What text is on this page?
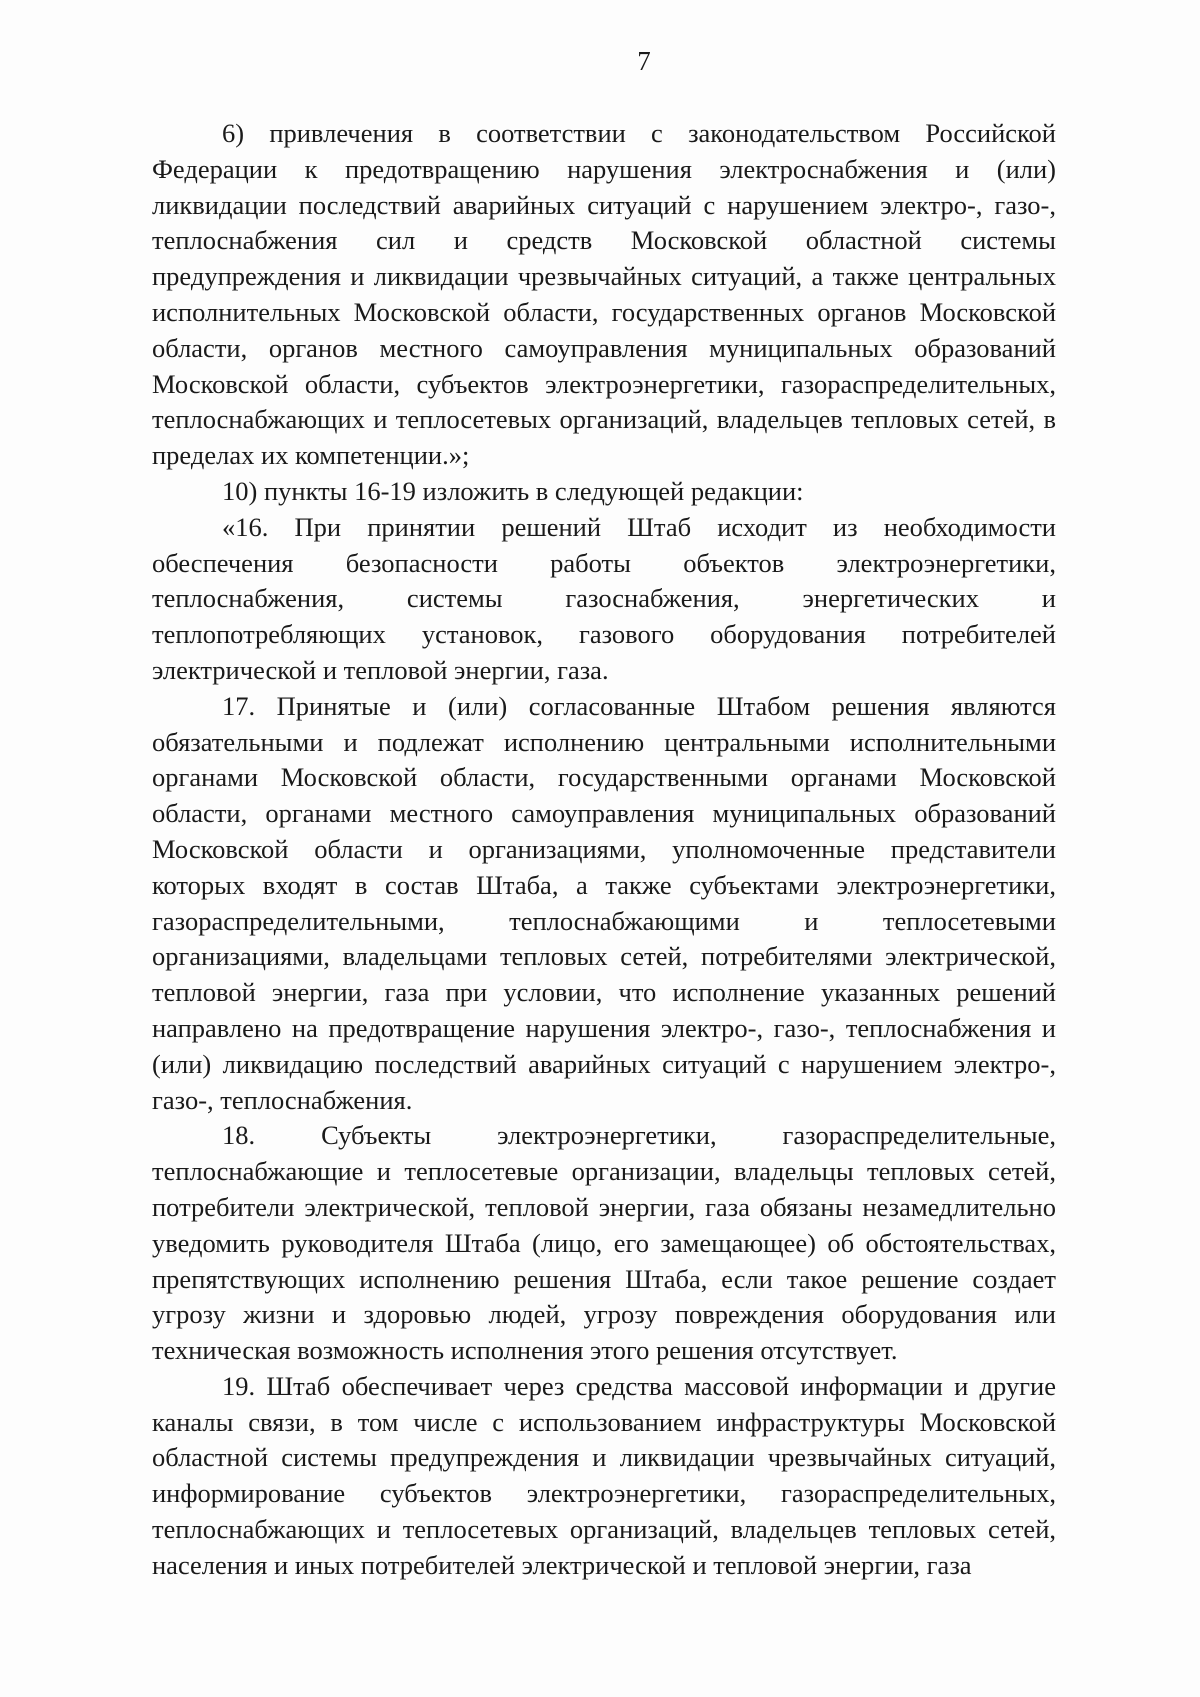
7

6) привлечения в соответствии с законодательством Российской Федерации к предотвращению нарушения электроснабжения и (или) ликвидации последствий аварийных ситуаций с нарушением электро-, газо-, теплоснабжения сил и средств Московской областной системы предупреждения и ликвидации чрезвычайных ситуаций, а также центральных исполнительных Московской области, государственных органов Московской области, органов местного самоуправления муниципальных образований Московской области, субъектов электроэнергетики, газораспределительных, теплоснабжающих и теплосетевых организаций, владельцев тепловых сетей, в пределах их компетенции.»;

10) пункты 16-19 изложить в следующей редакции:

«16. При принятии решений Штаб исходит из необходимости обеспечения безопасности работы объектов электроэнергетики, теплоснабжения, системы газоснабжения, энергетических и теплопотребляющих установок, газового оборудования потребителей электрической и тепловой энергии, газа.

17. Принятые и (или) согласованные Штабом решения являются обязательными и подлежат исполнению центральными исполнительными органами Московской области, государственными органами Московской области, органами местного самоуправления муниципальных образований Московской области и организациями, уполномоченные представители которых входят в состав Штаба, а также субъектами электроэнергетики, газораспределительными, теплоснабжающими и теплосетевыми организациями, владельцами тепловых сетей, потребителями электрической, тепловой энергии, газа при условии, что исполнение указанных решений направлено на предотвращение нарушения электро-, газо-, теплоснабжения и (или) ликвидацию последствий аварийных ситуаций с нарушением электро-, газо-, теплоснабжения.

18. Субъекты электроэнергетики, газораспределительные, теплоснабжающие и теплосетевые организации, владельцы тепловых сетей, потребители электрической, тепловой энергии, газа обязаны незамедлительно уведомить руководителя Штаба (лицо, его замещающее) об обстоятельствах, препятствующих исполнению решения Штаба, если такое решение создает угрозу жизни и здоровью людей, угрозу повреждения оборудования или техническая возможность исполнения этого решения отсутствует.

19. Штаб обеспечивает через средства массовой информации и другие каналы связи, в том числе с использованием инфраструктуры Московской областной системы предупреждения и ликвидации чрезвычайных ситуаций, информирование субъектов электроэнергетики, газораспределительных, теплоснабжающих и теплосетевых организаций, владельцев тепловых сетей, населения и иных потребителей электрической и тепловой энергии, газа
